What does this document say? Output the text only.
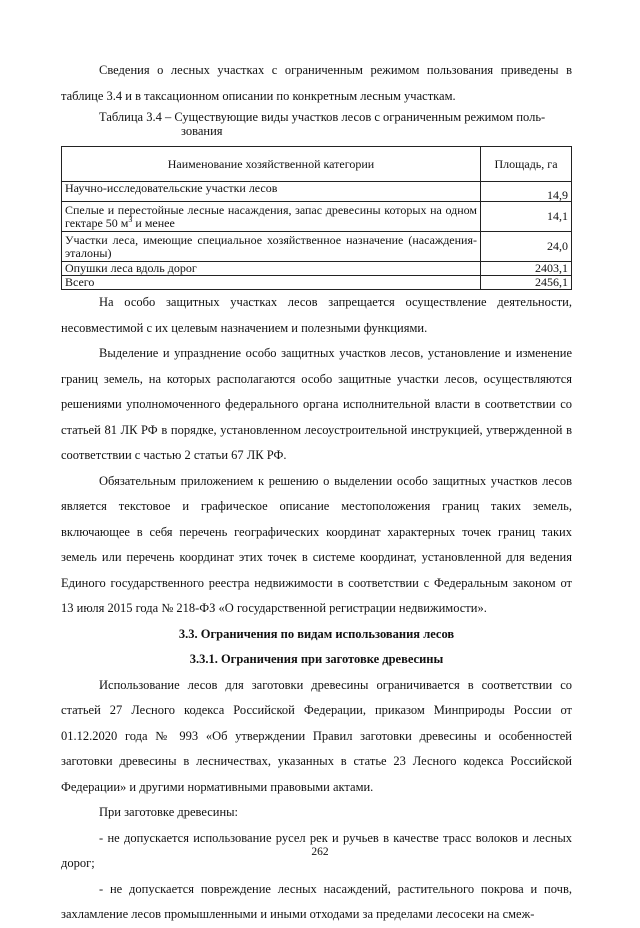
Сведения о лесных участках с ограниченным режимом пользования приведены в таблице 3.4 и в таксационном описании по конкретным лесным участкам.

Таблица 3.4 – Существующие виды участков лесов с ограниченным режимом поль-
зования
Наименование хозяйственной категории	Площадь, га
Научно-исследовательские участки лесов	14,9
Спелые и перестойные лесные насаждения, запас древесины которых на одном гектаре 50 $м^3$ и менее	14,1
Участки леса, имеющие специальное хозяйственное назначение (насаждения-эталоны)	24,0
Опушки леса вдоль дорог	2403,1
Всего	2456,1

На особо защитных участках лесов запрещается осуществление деятельности, несовместимой с их целевым назначением и полезными функциями.

Выделение и упразднение особо защитных участков лесов, установление и изменение границ земель, на которых располагаются особо защитные участки лесов, осуществляются решениями уполномоченного федерального органа исполнительной власти в соответствии со статьей 81 ЛК РФ в порядке, установленном лесоустроительной инструкцией, утвержденной в соответствии с частью 2 статьи 67 ЛК РФ.

Обязательным приложением к решению о выделении особо защитных участков лесов является текстовое и графическое описание местоположения границ таких земель, включающее в себя перечень географических координат характерных точек границ таких земель или перечень координат этих точек в системе координат, установленной для ведения Единого государственного реестра недвижимости в соответствии с Федеральным законом от 13 июля 2015 года № 218-ФЗ «О государственной регистрации недвижимости».

3.3. Ограничения по видам использования лесов
3.3.1. Ограничения при заготовке древесины

Использование лесов для заготовки древесины ограничивается в соответствии со статьей 27 Лесного кодекса Российской Федерации, приказом Минприроды России от 01.12.2020 года № 993 «Об утверждении Правил заготовки древесины и особенностей заготовки древесины в лесничествах, указанных в статье 23 Лесного кодекса Российской Федерации» и другими нормативными правовыми актами.

При заготовке древесины:

- не допускается использование русел рек и ручьев в качестве трасс волоков и лесных дорог;

- не допускается повреждение лесных насаждений, растительного покрова и почв, захламление лесов промышленными и иными отходами за пределами лесосеки на смеж-

262
